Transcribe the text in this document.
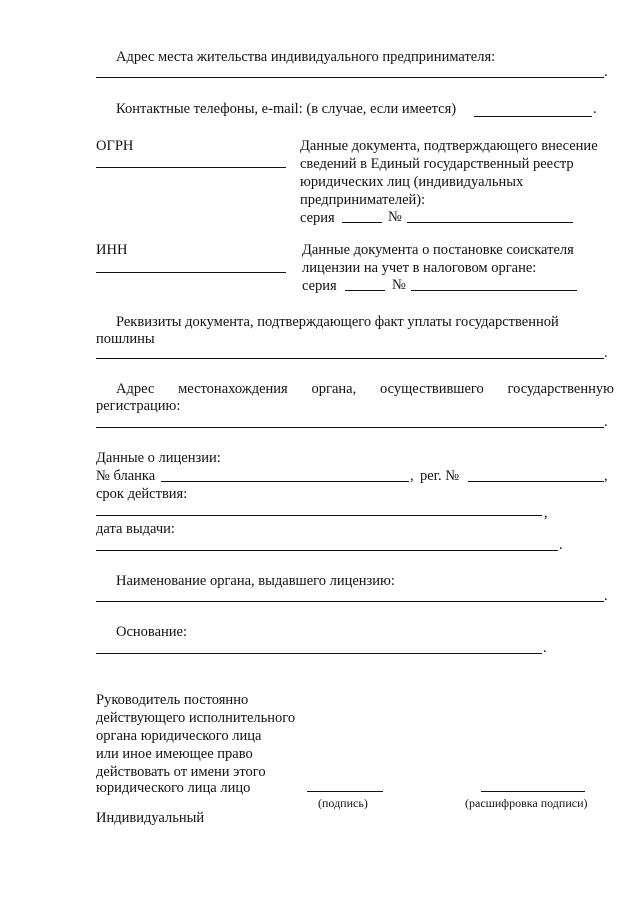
Адрес места жительства индивидуального предпринимателя:
.
Контактные телефоны, e-mail: (в случае, если имеется)	.
ОГРН	Данные документа, подтверждающего внесение
сведений в Единый государственный реестр
юридических лиц (индивидуальных
предпринимателей):
серия	№
ИНН	Данные документа о постановке соискателя
лицензии на учет в налоговом органе:
серия	№
Реквизиты документа, подтверждающего факт уплаты государственной
пошлины
.
Адрес местонахождения органа, осуществившего государственную
регистрацию:
.
Данные о лицензии:
№ бланка	, рег. №	,
срок действия:
,
дата выдачи:
.
Наименование органа, выдавшего лицензию:
.
Основание:
.
Руководитель постоянно
действующего исполнительного
органа юридического лица
или иное имеющее право
действовать от имени этого
юридического лица лицо
(подпись)	(расшифровка подписи)
Индивидуальный
